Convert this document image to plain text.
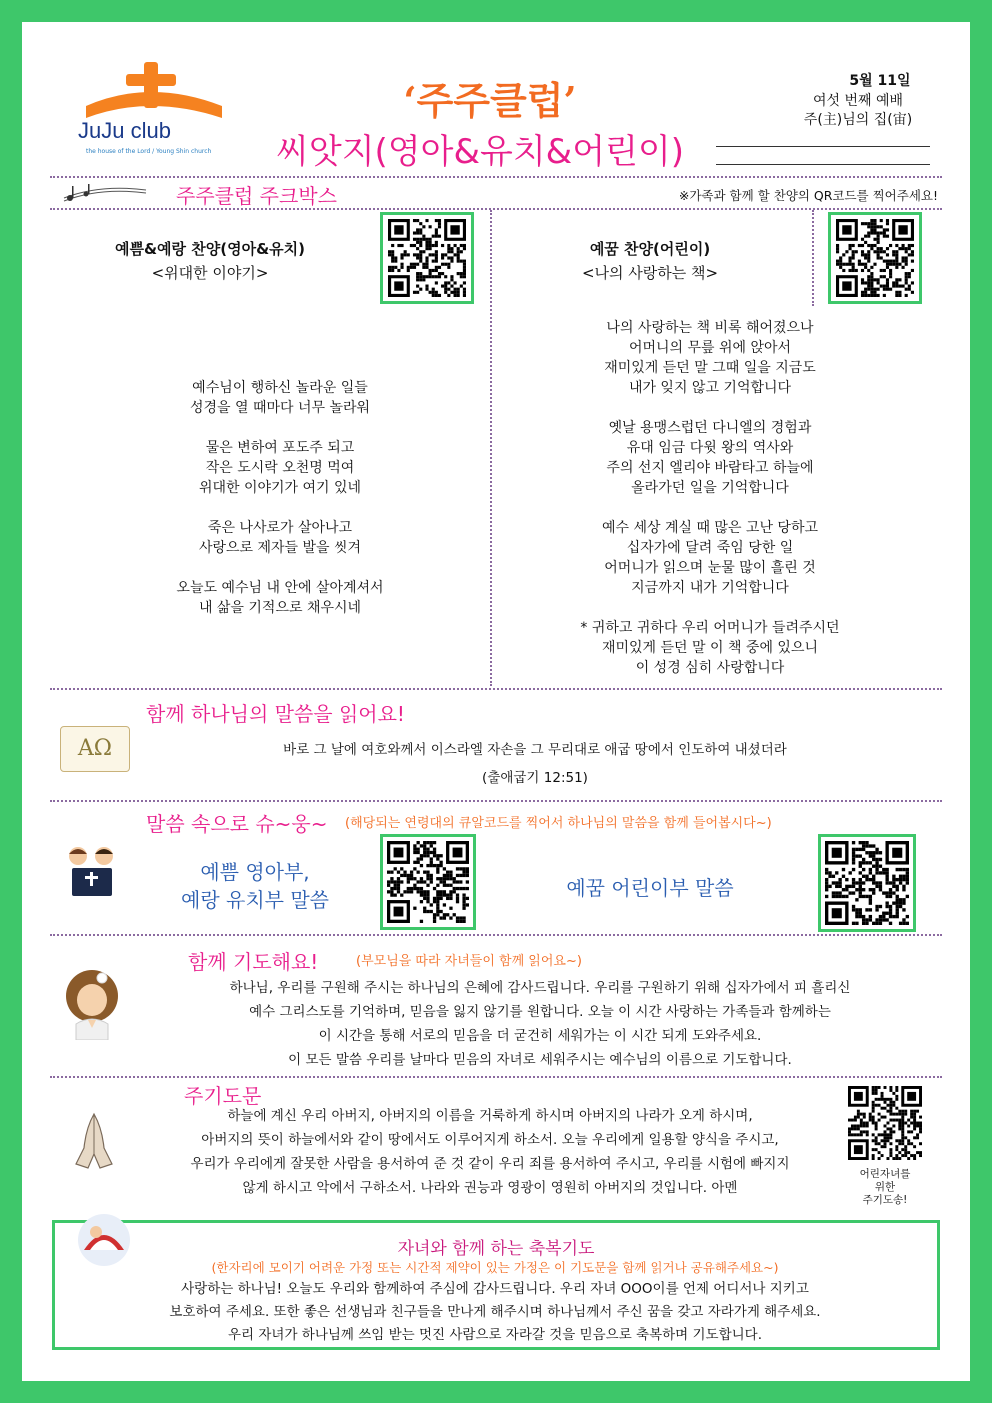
JuJu club
the house of the Lord / Young Shin church
‘주주클럽’
씨앗지(영아&유치&어린이)
5월 11일
여섯 번째 예배
주(主)님의 집(宙)
주주클럽 주크박스	※가족과 함께 할 찬양의 QR코드를 찍어주세요!
예쁨&예랑 찬양(영아&유치)
<위대한 이야기>

예수님이 행하신 놀라운 일들

성경을 열 때마다 너무 놀라워

물은 변하여 포도주 되고

작은 도시락 오천명 먹여

위대한 이야기가 여기 있네

죽은 나사로가 살아나고

사랑으로 제자들 발을 씻겨

오늘도 예수님 내 안에 살아계셔서

내 삶을 기적으로 채우시네

예꿈 찬양(어린이)
<나의 사랑하는 책>

나의 사랑하는 책 비록 해어졌으나

어머니의 무릎 위에 앉아서

재미있게 듣던 말 그때 일을 지금도

내가 잊지 않고 기억합니다

옛날 용맹스럽던 다니엘의 경험과

유대 임금 다윗 왕의 역사와

주의 선지 엘리야 바람타고 하늘에

올라가던 일을 기억합니다

예수 세상 계실 때 많은 고난 당하고

십자가에 달려 죽임 당한 일

어머니가 읽으며 눈물 많이 흘린 것

지금까지 내가 기억합니다

* 귀하고 귀하다 우리 어머니가 들려주시던

재미있게 듣던 말 이 책 중에 있으니

이 성경 심히 사랑합니다

함께 하나님의 말씀을 읽어요!
AΩ	바로 그 날에 여호와께서 이스라엘 자손을 그 무리대로 애굽 땅에서 인도하여 내셨더라
(출애굽기 12:51)
말씀 속으로 슈~웅~	(해당되는 연령대의 큐알코드를 찍어서 하나님의 말씀을 함께 들어봅시다~)
예쁨 영아부,
예랑 유치부 말씀	예꿈 어린이부 말씀
함께 기도해요!	(부모님을 따라 자녀들이 함께 읽어요~)
하나님, 우리를 구원해 주시는 하나님의 은혜에 감사드립니다. 우리를 구원하기 위해 십자가에서 피 흘리신
예수 그리스도를 기억하며, 믿음을 잃지 않기를 원합니다. 오늘 이 시간 사랑하는 가족들과 함께하는
이 시간을 통해 서로의 믿음을 더 굳건히 세워가는 이 시간 되게 도와주세요.
이 모든 말씀 우리를 날마다 믿음의 자녀로 세워주시는 예수님의 이름으로 기도합니다.
주기도문
하늘에 계신 우리 아버지, 아버지의 이름을 거룩하게 하시며 아버지의 나라가 오게 하시며,
아버지의 뜻이 하늘에서와 같이 땅에서도 이루어지게 하소서. 오늘 우리에게 일용할 양식을 주시고,
우리가 우리에게 잘못한 사람을 용서하여 준 것 같이 우리 죄를 용서하여 주시고, 우리를 시험에 빠지지
않게 하시고 악에서 구하소서. 나라와 권능과 영광이 영원히 아버지의 것입니다. 아멘
어린자녀를
위한
주기도송!
자녀와 함께 하는 축복기도
(한자리에 모이기 어려운 가정 또는 시간적 제약이 있는 가정은 이 기도문을 함께 읽거나 공유해주세요~)
사랑하는 하나님! 오늘도 우리와 함께하여 주심에 감사드립니다. 우리 자녀 OOO이를 언제 어디서나 지키고
보호하여 주세요. 또한 좋은 선생님과 친구들을 만나게 해주시며 하나님께서 주신 꿈을 갖고 자라가게 해주세요.
우리 자녀가 하나님께 쓰임 받는 멋진 사람으로 자라갈 것을 믿음으로 축복하며 기도합니다.
